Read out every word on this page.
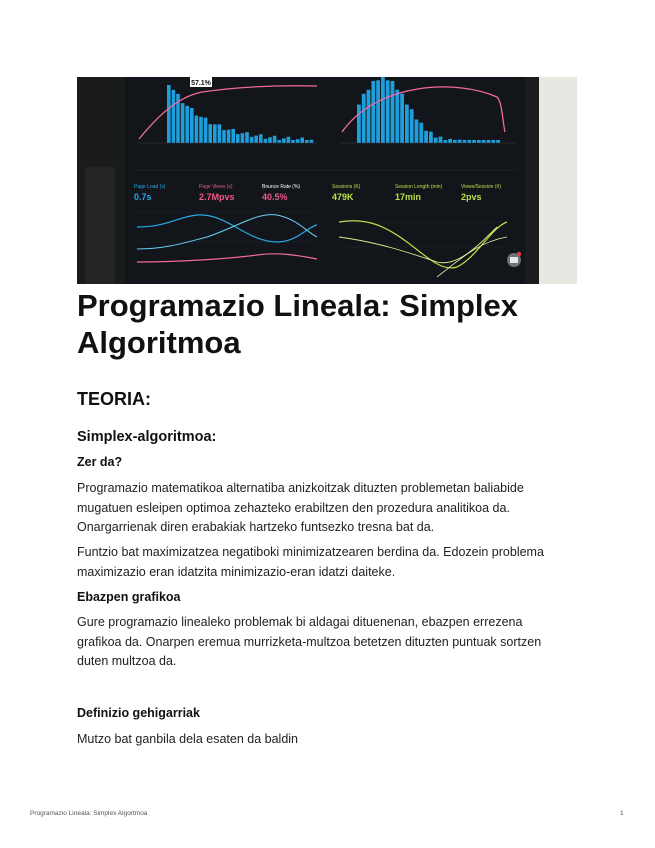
57.1%
Page Load (s)
0.7s
Page Views (s)
2.7Mpvs
Bounce Rate (%)
40.5%
Sessions (K)
479K
Session Length (min)
17min
Views/Session (#)
2pvs
Programazio Lineala: Simplex Algoritmoa
TEORIA:
Simplex-algoritmoa:
Zer da?

Programazio matematikoa alternatiba anizkoitzak dituzten problemetan baliabide mugatuen esleipen optimoa zehazteko erabiltzen den prozedura analitikoa da. Onargarrienak diren erabakiak hartzeko funtsezko tresna bat da.

Funtzio bat maximizatzea negatiboki minimizatzearen berdina da. Edozein problema maximizazio eran idatzita minimizazio-eran idatzi daiteke.

Ebazpen grafikoa

Gure programazio linealeko problemak bi aldagai dituenenan, ebazpen errezena grafikoa da. Onarpen eremua murrizketa-multzoa betetzen dituzten puntuak sortzen duten multzoa da.

Definizio gehigarriak

Mutzo bat ganbila dela esaten da baldin

Programazio Lineala: Simplex Algortmoa	1
